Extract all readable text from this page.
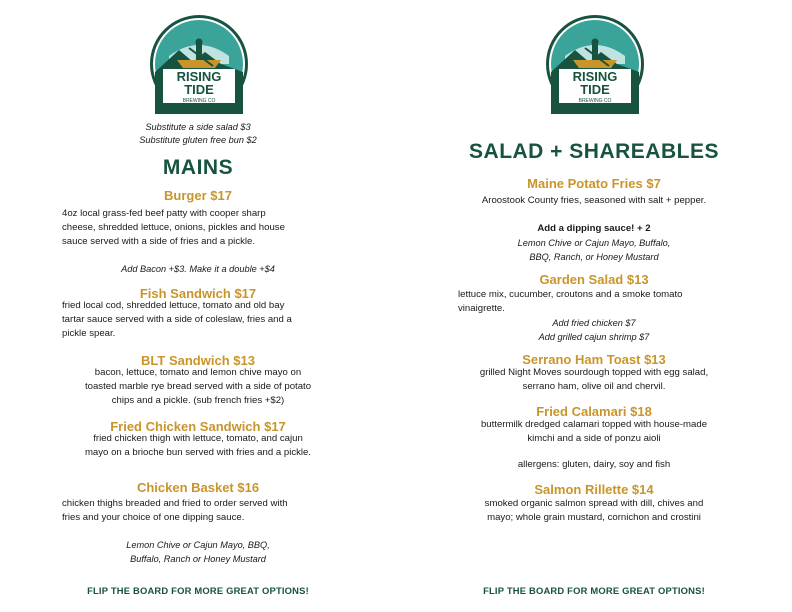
RISING
TIDE
BREWING CO
Substitute a side salad $3
Substitute gluten free bun $2
MAINS
Burger $17
4oz local grass-fed beef patty with cooper sharp
cheese, shredded lettuce, onions, pickles and house
sauce served with a side of fries and a pickle.
Add Bacon +$3. Make it a double +$4
Fish Sandwich $17
fried local cod, shredded lettuce, tomato and old bay
tartar sauce served with a side of coleslaw, fries and a
pickle spear.
BLT Sandwich $13
bacon, lettuce, tomato and lemon chive mayo on
toasted marble rye bread served with a side of potato
chips and a pickle. (sub french fries +$2)
Fried Chicken Sandwich $17
fried chicken thigh with lettuce, tomato, and cajun
mayo on a brioche bun served with fries and a pickle.
Chicken Basket $16
chicken thighs breaded and fried to order served with
fries and your choice of one dipping sauce.
Lemon Chive or Cajun Mayo, BBQ,
Buffalo, Ranch or Honey Mustard
FLIP THE BOARD FOR MORE GREAT OPTIONS!
RISING
TIDE
BREWING CO
SALAD + SHAREABLES
Maine Potato Fries $7
Aroostook County fries, seasoned with salt + pepper.
Add a dipping sauce! + 2
Lemon Chive or Cajun Mayo, Buffalo,
BBQ, Ranch, or Honey Mustard
Garden Salad $13
lettuce mix, cucumber, croutons and a smoke tomato
vinaigrette.
Add fried chicken $7
Add grilled cajun shrimp $7
Serrano Ham Toast $13
grilled Night Moves sourdough topped with egg salad,
serrano ham, olive oil and chervil.
Fried Calamari $18
buttermilk dredged calamari topped with house-made
kimchi and a side of ponzu aioli
allergens: gluten, dairy, soy and fish
Salmon Rillette $14
smoked organic salmon spread with dill, chives and
mayo; whole grain mustard, cornichon and crostini
FLIP THE BOARD FOR MORE GREAT OPTIONS!
